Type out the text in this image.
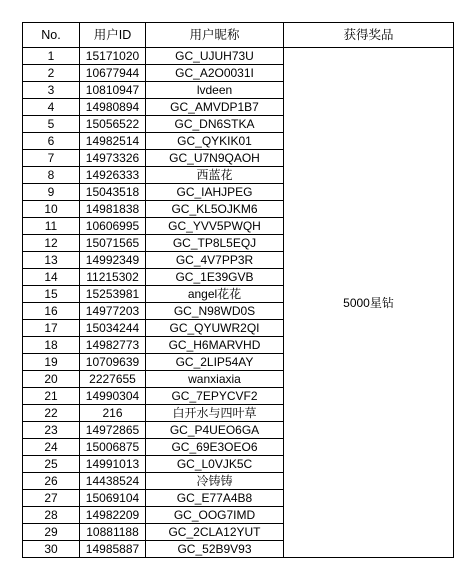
No.	用户ID	用户昵称	获得奖品
1	15171020	GC_UJUH73U	5000星钻
2	10677944	GC_A2O0031I	
3	10810947	lvdeen	
4	14980894	GC_AMVDP1B7	
5	15056522	GC_DN6STKA	
6	14982514	GC_QYKIK01	
7	14973326	GC_U7N9QAOH	
8	14926333	西蓝花	
9	15043518	GC_IAHJPEG	
10	14981838	GC_KL5OJKM6	
11	10606995	GC_YVV5PWQH	
12	15071565	GC_TP8L5EQJ	
13	14992349	GC_4V7PP3R	
14	11215302	GC_1E39GVB	
15	15253981	angel花花	
16	14977203	GC_N98WD0S	
17	15034244	GC_QYUWR2QI	
18	14982773	GC_H6MARVHD	
19	10709639	GC_2LIP54AY	
20	2227655	wanxiaxia	
21	14990304	GC_7EPYCVF2	
22	216	白开水与四叶草	
23	14972865	GC_P4UEO6GA	
24	15006875	GC_69E3OEO6	
25	14991013	GC_L0VJK5C	
26	14438524	冷铸铸	
27	15069104	GC_E77A4B8	
28	14982209	GC_OOG7IMD	
29	10881188	GC_2CLA12YUT	
30	14985887	GC_52B9V93	
